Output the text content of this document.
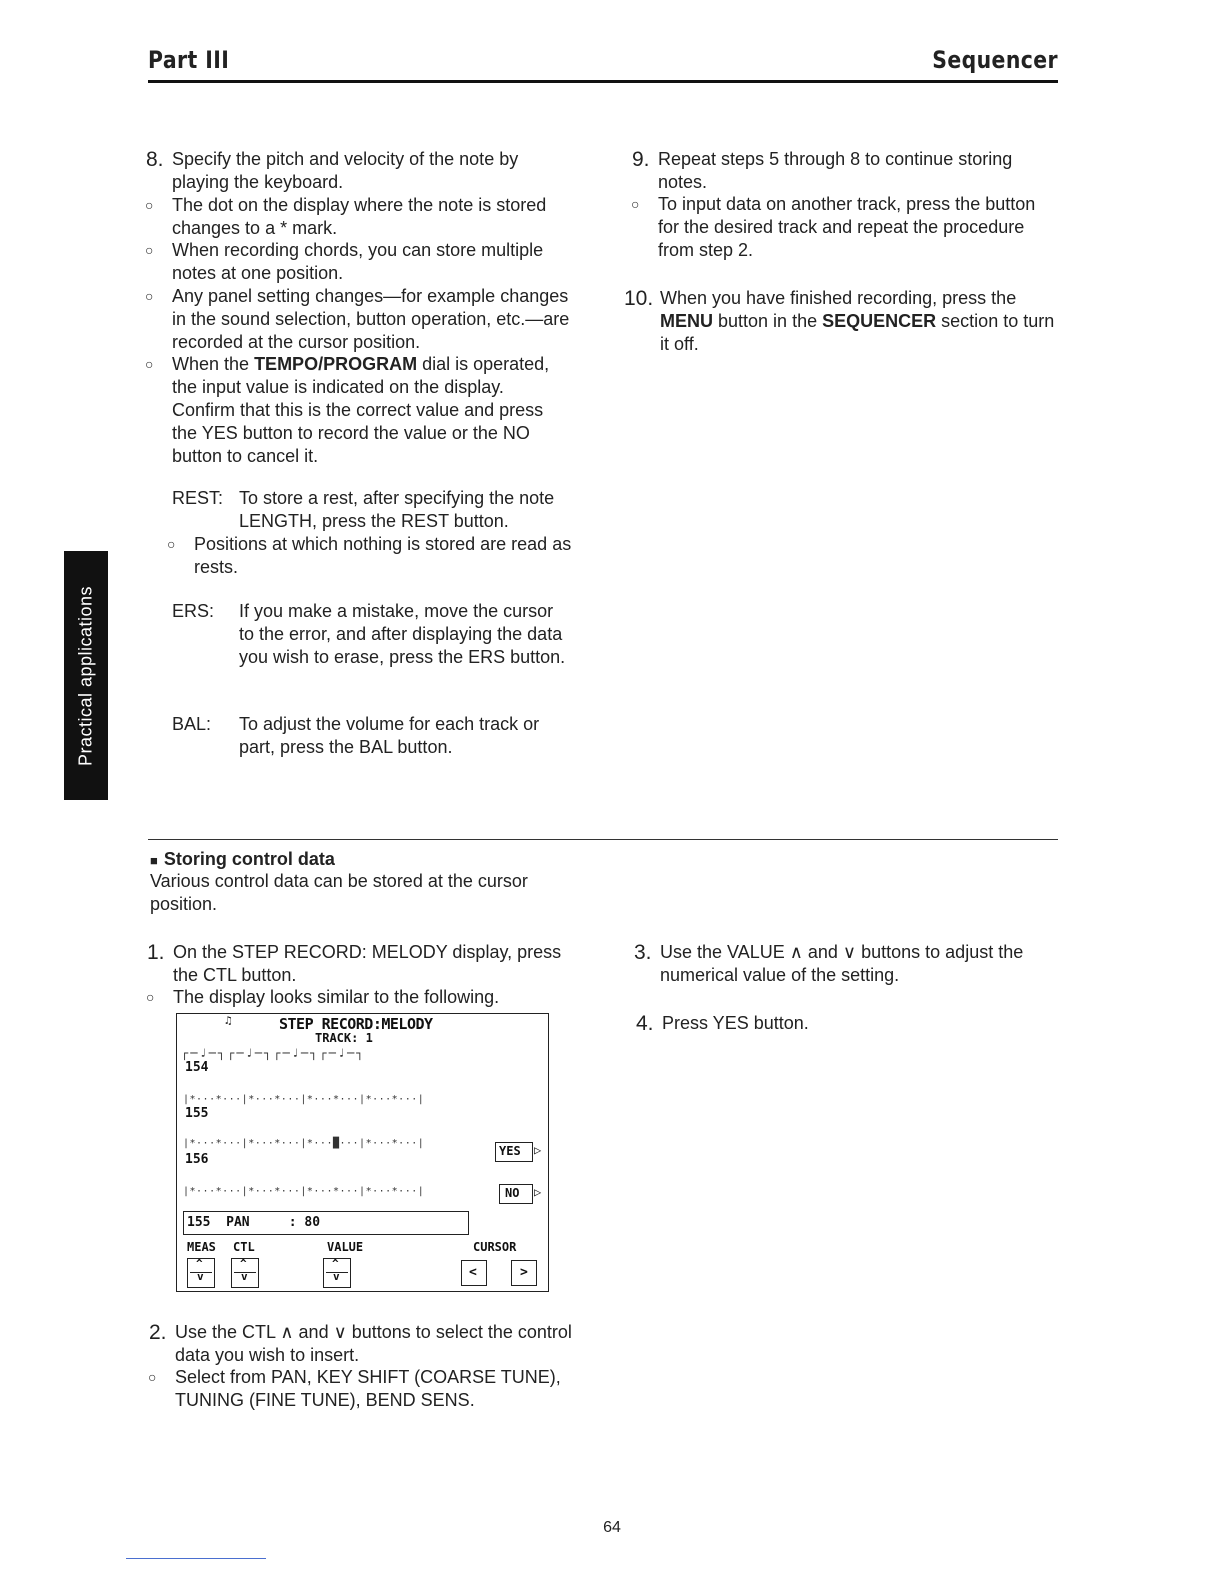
Part III	Sequencer
Practical applications
8. Specify the pitch and velocity of the note by playing the keyboard.
○ The dot on the display where the note is stored changes to a * mark.
○ When recording chords, you can store multiple notes at one position.
○ Any panel setting changes—for example changes in the sound selection, button operation, etc.—are recorded at the cursor position.
○ When the TEMPO/PROGRAM dial is operated, the input value is indicated on the display. Confirm that this is the correct value and press the YES button to record the value or the NO button to cancel it.
REST: To store a rest, after specifying the note LENGTH, press the REST button.
○ Positions at which nothing is stored are read as rests.
ERS:	If you make a mistake, move the cursor to the error, and after displaying the data you wish to erase, press the ERS button.
BAL:	To adjust the volume for each track or part, press the BAL button.
9. Repeat steps 5 through 8 to continue storing notes.
○ To input data on another track, press the button for the desired track and repeat the procedure from step 2.
10. When you have finished recording, press the MENU button in the SEQUENCER section to turn it off.
■ Storing control data
Various control data can be stored at the cursor position.
1. On the STEP RECORD: MELODY display, press the CTL button.
○ The display looks similar to the following.
♫	STEP RECORD:MELODY
TRACK: 1
┌─♩─┐┌─♩─┐┌─♩─┐┌─♩─┐
154
|*···*···|*···*···|*···*···|*···*···|
155
|*···*···|*···*···|*···█···|*···*···|
156
|*···*···|*···*···|*···*···|*···*···|
YES ▷
NO ▷
155  PAN     : 80
MEAS CTL	VALUE	CURSOR
^
v
^
v
^
v	<	>
2. Use the CTL ∧ and ∨ buttons to select the control data you wish to insert.
○ Select from PAN, KEY SHIFT (COARSE TUNE), TUNING (FINE TUNE), BEND SENS.
3. Use the VALUE ∧ and ∨ buttons to adjust the numerical value of the setting.
4. Press YES button.
64
